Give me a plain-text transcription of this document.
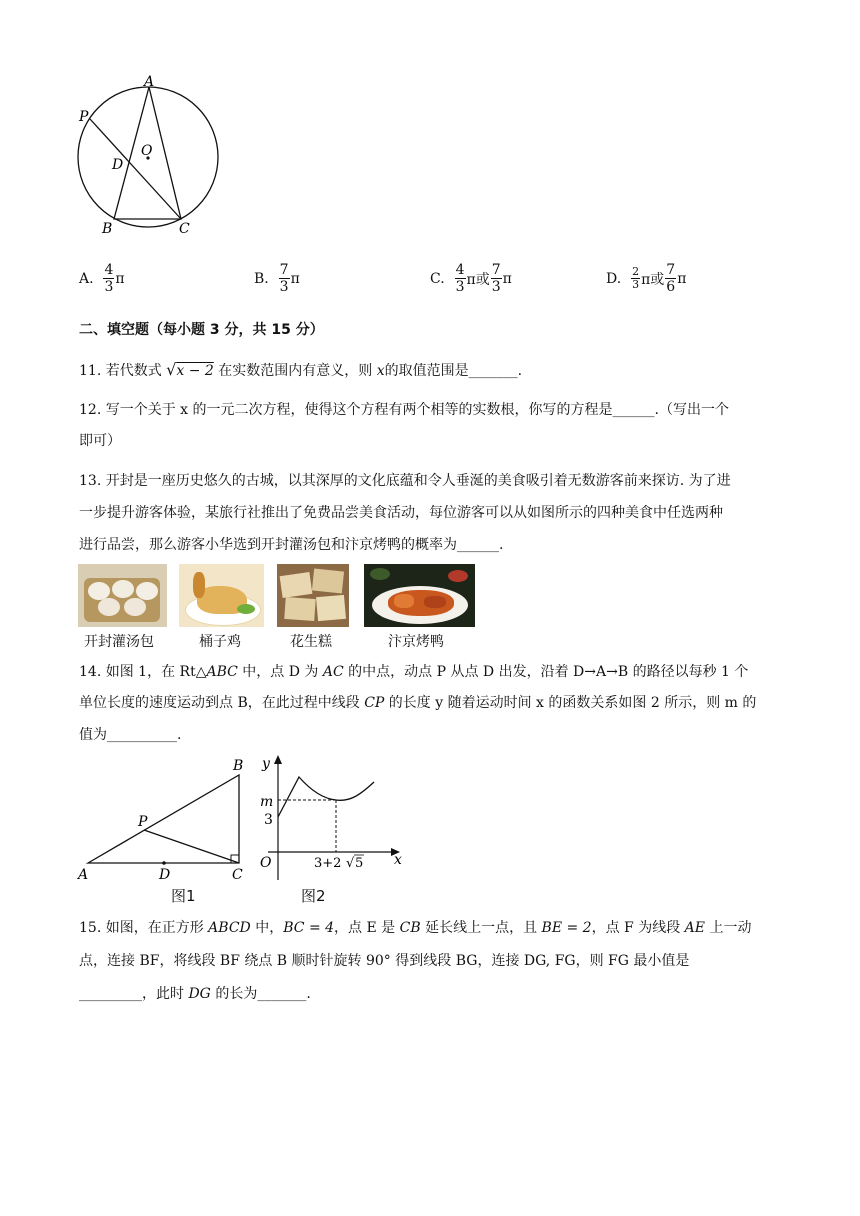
A
P
O
D
B	C
A.
$\frac{4}{3}$ π	B.
$\frac{7}{3}$ π	C.
$\frac{4}{3}$ π或 $\frac{7}{3}$ π	D.
$\frac{2}{3}$ π或 $\frac{7}{6}$ π
二、填空题（每小题 3 分，共 15 分）
11. 若代数式 √x − 2 在实数范围内有意义，则 x的取值范围是_______.
12. 写一个关于 x 的一元二次方程，使得这个方程有两个相等的实数根，你写的方程是______.（写出一个
即可）
13. 开封是一座历史悠久的古城，以其深厚的文化底蕴和令人垂涎的美食吸引着无数游客前来探访. 为了进
一步提升游客体验，某旅行社推出了免费品尝美食活动，每位游客可以从如图所示的四种美食中任选两种
进行品尝，那么游客小华选到开封灌汤包和汴京烤鸭的概率为______.
开封灌汤包	桶子鸡	花生糕	汴京烤鸭
14. 如图 1，在 Rt△ABC 中，点 D 为 AC 的中点，动点 P 从点 D 出发，沿着 D→A→B 的路径以每秒 1 个
单位长度的速度运动到点 B，在此过程中线段 CP 的长度 y 随着运动时间 x 的函数关系如图 2 所示，则 m 的
值为__________.
B
P
A	D	C
图1
y
m
3
O	3+2 √ 5 x
图2
15. 如图，在正方形 ABCD 中，BC = 4，点 E 是 CB 延长线上一点，且 BE = 2，点 F 为线段 AE 上一动
点，连接 BF，将线段 BF 绕点 B 顺时针旋转 90° 得到线段 BG，连接 DG, FG，则 FG 最小值是
_________，此时 DG 的长为_______.
